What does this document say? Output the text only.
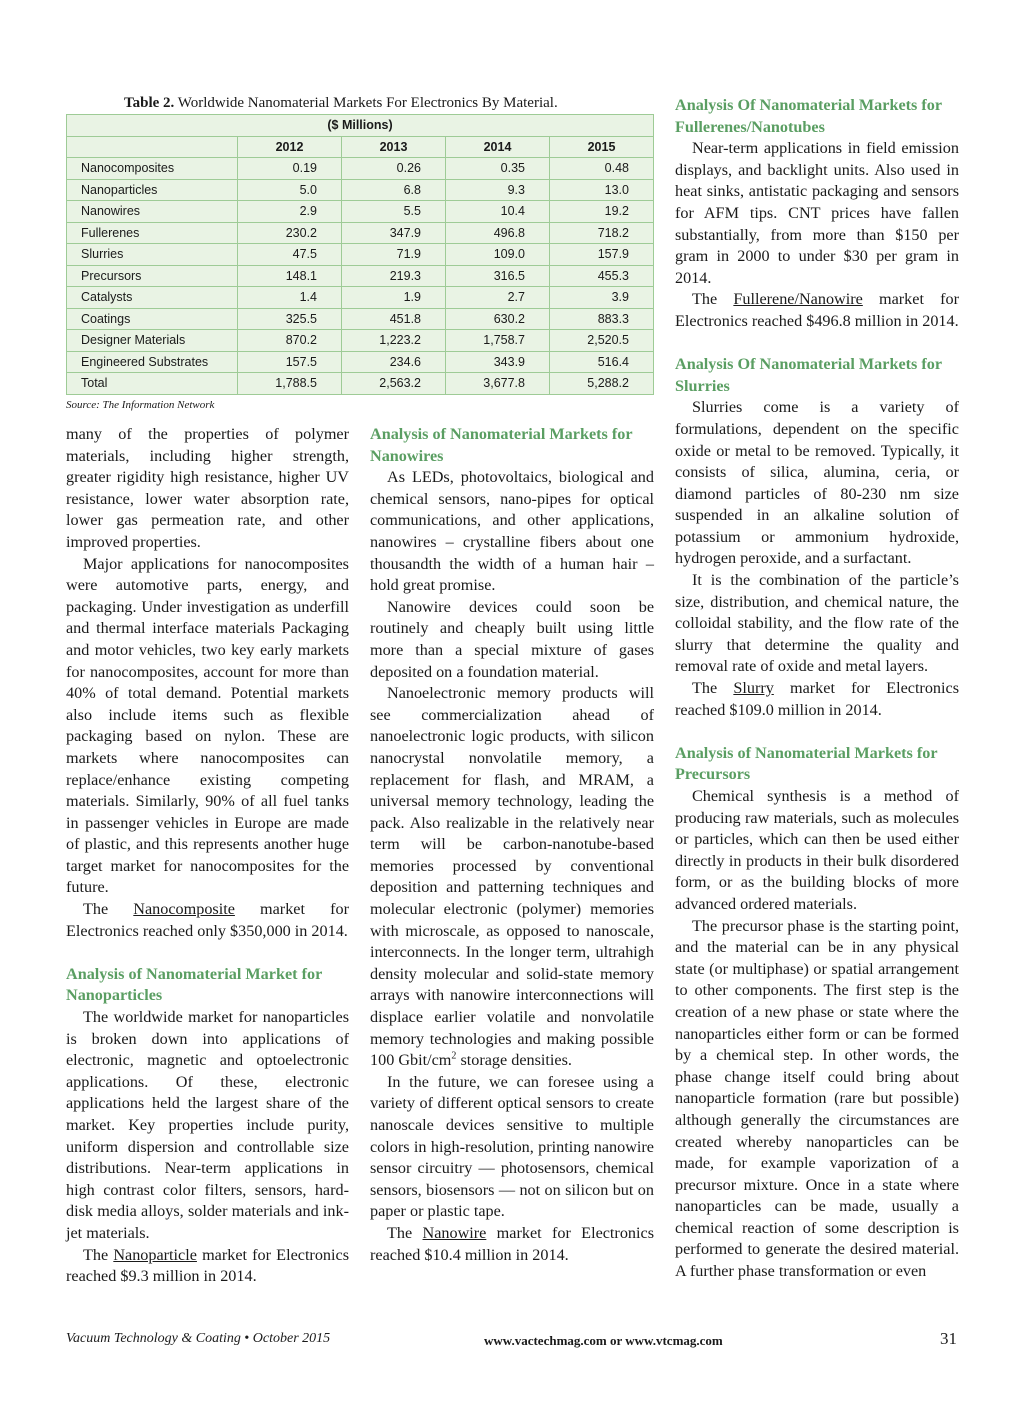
Table 2. Worldwide Nanomaterial Markets For Electronics By Material.
($ Millions)				
	2012	2013	2014	2015
Nanocomposites	0.19	0.26	0.35	0.48
Nanoparticles	5.0	6.8	9.3	13.0
Nanowires	2.9	5.5	10.4	19.2
Fullerenes	230.2	347.9	496.8	718.2
Slurries	47.5	71.9	109.0	157.9
Precursors	148.1	219.3	316.5	455.3
Catalysts	1.4	1.9	2.7	3.9
Coatings	325.5	451.8	630.2	883.3
Designer Materials	870.2	1,223.2	1,758.7	2,520.5
Engineered Substrates	157.5	234.6	343.9	516.4
Total	1,788.5	2,563.2	3,677.8	5,288.2
Source: The Information Network

many of the properties of polymer materials, including higher strength, greater rigidity high resistance, higher UV resistance, lower water absorption rate, lower gas permeation rate, and other improved properties.

Major applications for nanocomposites were automotive parts, energy, and packaging. Under investigation as underfill and thermal interface materials Packaging and motor vehicles, two key early markets for nanocomposites, account for more than 40% of total demand. Potential markets also include items such as flexible packaging based on nylon. These are markets where nanocomposites can replace/enhance existing competing materials. Similarly, 90% of all fuel tanks in passenger vehicles in Europe are made of plastic, and this represents another huge target market for nanocomposites for the future.

The Nanocomposite market for Electronics reached only $350,000 in 2014.

Analysis of Nanomaterial Market for Nanoparticles

The worldwide market for nanoparticles is broken down into applications of electronic, magnetic and optoelectronic applications. Of these, electronic applications held the largest share of the market. Key properties include purity, uniform dispersion and controllable size distributions. Near-term applications in high contrast color filters, sensors, hard-disk media alloys, solder materials and ink-jet materials.

The Nanoparticle market for Electronics reached $9.3 million in 2014.

Analysis of Nanomaterial Markets for Nanowires

As LEDs, photovoltaics, biological and chemical sensors, nano-pipes for optical communications, and other applications, nanowires – crystalline fibers about one thousandth the width of a human hair – hold great promise.

Nanowire devices could soon be routinely and cheaply built using little more than a special mixture of gases deposited on a foundation material.

Nanoelectronic memory products will see commercialization ahead of nanoelectronic logic products, with silicon nanocrystal nonvolatile memory, a replacement for flash, and MRAM, a universal memory technology, leading the pack. Also realizable in the relatively near term will be carbon-nanotube-based memories processed by conventional deposition and patterning techniques and molecular electronic (polymer) memories with microscale, as opposed to nanoscale, interconnects. In the longer term, ultrahigh density molecular and solid-state memory arrays with nanowire interconnections will displace earlier volatile and nonvolatile memory technologies and making possible 100 Gbit/$cm^2$ storage densities.

In the future, we can foresee using a variety of different optical sensors to create nanoscale devices sensitive to multiple colors in high-resolution, printing nanowire sensor circuitry — photosensors, chemical sensors, biosensors — not on silicon but on paper or plastic tape.

The Nanowire market for Electronics reached $10.4 million in 2014.

Analysis Of Nanomaterial Markets for Fullerenes/Nanotubes

Near-term applications in field emission displays, and backlight units. Also used in heat sinks, antistatic packaging and sensors for AFM tips. CNT prices have fallen substantially, from more than $150 per gram in 2000 to under $30 per gram in 2014.

The Fullerene/Nanowire market for Electronics reached $496.8 million in 2014.

Analysis Of Nanomaterial Markets for Slurries

Slurries come is a variety of formulations, dependent on the specific oxide or metal to be removed. Typically, it consists of silica, alumina, ceria, or diamond particles of 80-230 nm size suspended in an alkaline solution of potassium or ammonium hydroxide, hydrogen peroxide, and a surfactant.

It is the combination of the particle’s size, distribution, and chemical nature, the colloidal stability, and the flow rate of the slurry that determine the quality and removal rate of oxide and metal layers.

The Slurry market for Electronics reached $109.0 million in 2014.

Analysis of Nanomaterial Markets for Precursors

Chemical synthesis is a method of producing raw materials, such as molecules or particles, which can then be used either directly in products in their bulk disordered form, or as the building blocks of more advanced ordered materials.

The precursor phase is the starting point, and the material can be in any physical state (or multiphase) or spatial arrangement to other components. The first step is the creation of a new phase or state where the nanoparticles either form or can be formed by a chemical step. In other words, the phase change itself could bring about nanoparticle formation (rare but possible) although generally the circumstances are created whereby nanoparticles can be made, for example vaporization of a precursor mixture. Once in a state where nanoparticles can be made, usually a chemical reaction of some description is performed to generate the desired material. A further phase transformation or even

Vacuum Technology & Coating • October 2015	www.vactechmag.com or www.vtcmag.com	31
